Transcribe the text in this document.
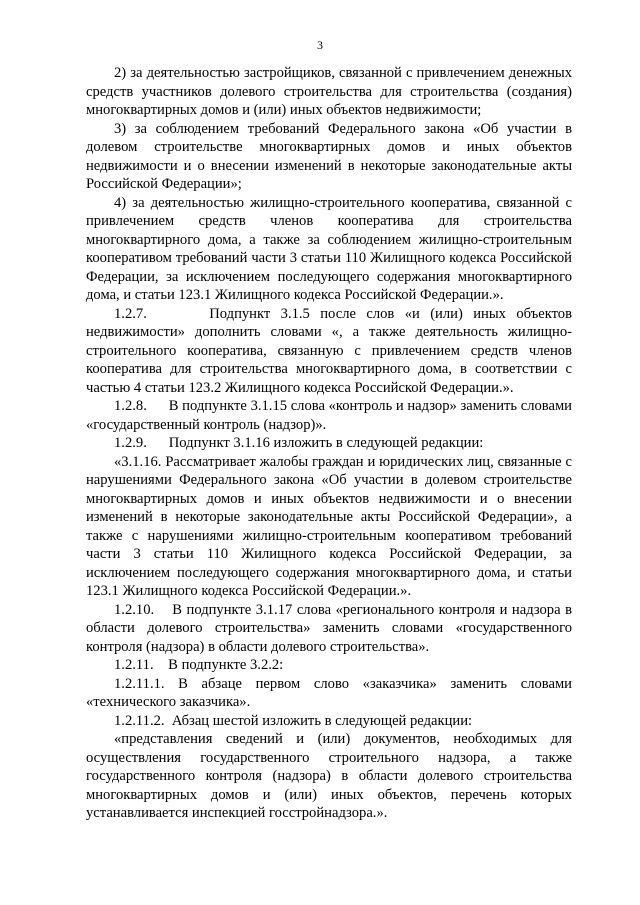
3

2) за деятельностью застройщиков, связанной с привлечением денежных средств участников долевого строительства для строительства (создания) многоквартирных домов и (или) иных объектов недвижимости;

3) за соблюдением требований Федерального закона «Об участии в долевом строительстве многоквартирных домов и иных объектов недвижимости и о внесении изменений в некоторые законодательные акты Российской Федерации»;

4) за деятельностью жилищно-строительного кооператива, связанной с привлечением средств членов кооператива для строительства многоквартирного дома, а также за соблюдением жилищно-строительным кооперативом требований части 3 статьи 110 Жилищного кодекса Российской Федерации, за исключением последующего содержания многоквартирного дома, и статьи 123.1 Жилищного кодекса Российской Федерации.».

1.2.7.      Подпункт 3.1.5 после слов «и (или) иных объектов недвижимости» дополнить словами «, а также деятельность жилищно-строительного кооператива, связанную с привлечением средств членов кооператива для строительства многоквартирного дома, в соответствии с частью 4 статьи 123.2 Жилищного кодекса Российской Федерации.».

1.2.8.      В подпункте 3.1.15 слова «контроль и надзор» заменить словами «государственный контроль (надзор)».

1.2.9.      Подпункт 3.1.16 изложить в следующей редакции:

«3.1.16. Рассматривает жалобы граждан и юридических лиц, связанные с нарушениями Федерального закона «Об участии в долевом строительстве многоквартирных домов и иных объектов недвижимости и о внесении изменений в некоторые законодательные акты Российской Федерации», а также с нарушениями жилищно-строительным кооперативом требований части 3 статьи 110 Жилищного кодекса Российской Федерации, за исключением последующего содержания многоквартирного дома, и статьи 123.1 Жилищного кодекса Российской Федерации.».

1.2.10.    В подпункте 3.1.17 слова «регионального контроля и надзора в области долевого строительства» заменить словами «государственного контроля (надзора) в области долевого строительства».

1.2.11.    В подпункте 3.2.2:

1.2.11.1. В абзаце первом слово «заказчика» заменить словами «технического заказчика».

1.2.11.2.  Абзац шестой изложить в следующей редакции:

«представления сведений и (или) документов, необходимых для осуществления государственного строительного надзора, а также государственного контроля (надзора) в области долевого строительства многоквартирных домов и (или) иных объектов, перечень которых устанавливается инспекцией госстройнадзора.».
